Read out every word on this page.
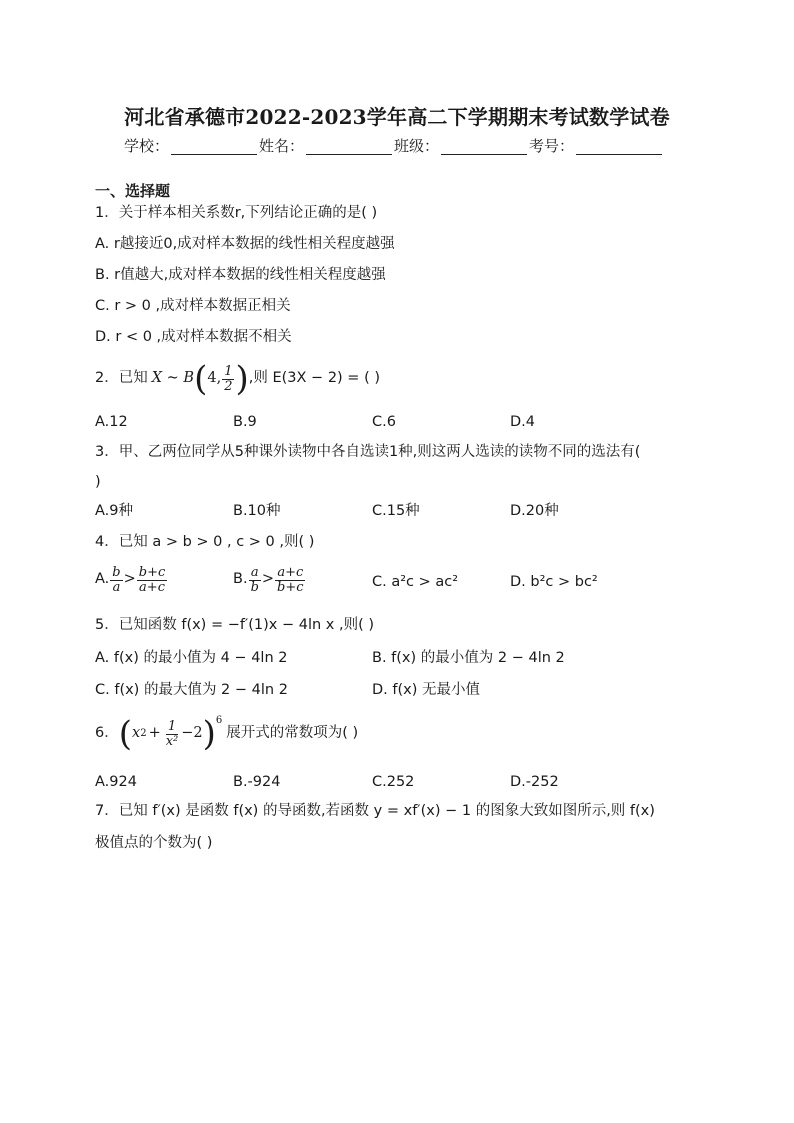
河北省承德市2022-2023学年高二下学期期末考试数学试卷
学校：	姓名：	班级：	考号：
一、选择题
1．关于样本相关系数r,下列结论正确的是( )
A. r越接近0,成对样本数据的线性相关程度越强
B. r值越大,成对样本数据的线性相关程度越强
C. r > 0 ,成对样本数据正相关
D. r < 0 ,成对样本数据不相关
2．已知 X ~ B ( 4, $\frac{1}{2}$ ) ,则 E(3X − 2) = ( )
A.12	B.9	C.6	D.4
3．甲、乙两位同学从5种课外读物中各自选读1种,则这两人选读的读物不同的选法有(
)
A.9种	B.10种	C.15种	D.20种
4．已知 a > b > 0 , c > 0 ,则( )
A. $\frac{b}{a} > \frac{b+c}{a+c}$	B. $\frac{a}{b} > \frac{a+c}{b+c}$	C. a²c > ac²	D. b²c > bc²
5．已知函数 f(x) = −f′(1)x − 4ln x ,则( )
A. f(x) 的最小值为 4 − 4ln 2	B. f(x) 的最小值为 2 − 4ln 2
C. f(x) 的最大值为 2 − 4ln 2	D. f(x) 无最小值
6． ( x $2 + \frac{1}{\text{x²}} -2$ )$^6$
展开式的常数项为( )
A.924	B.-924	C.252	D.-252
7．已知 f′(x) 是函数 f(x) 的导函数,若函数 y = xf′(x) − 1 的图象大致如图所示,则 f(x)
极值点的个数为( )
